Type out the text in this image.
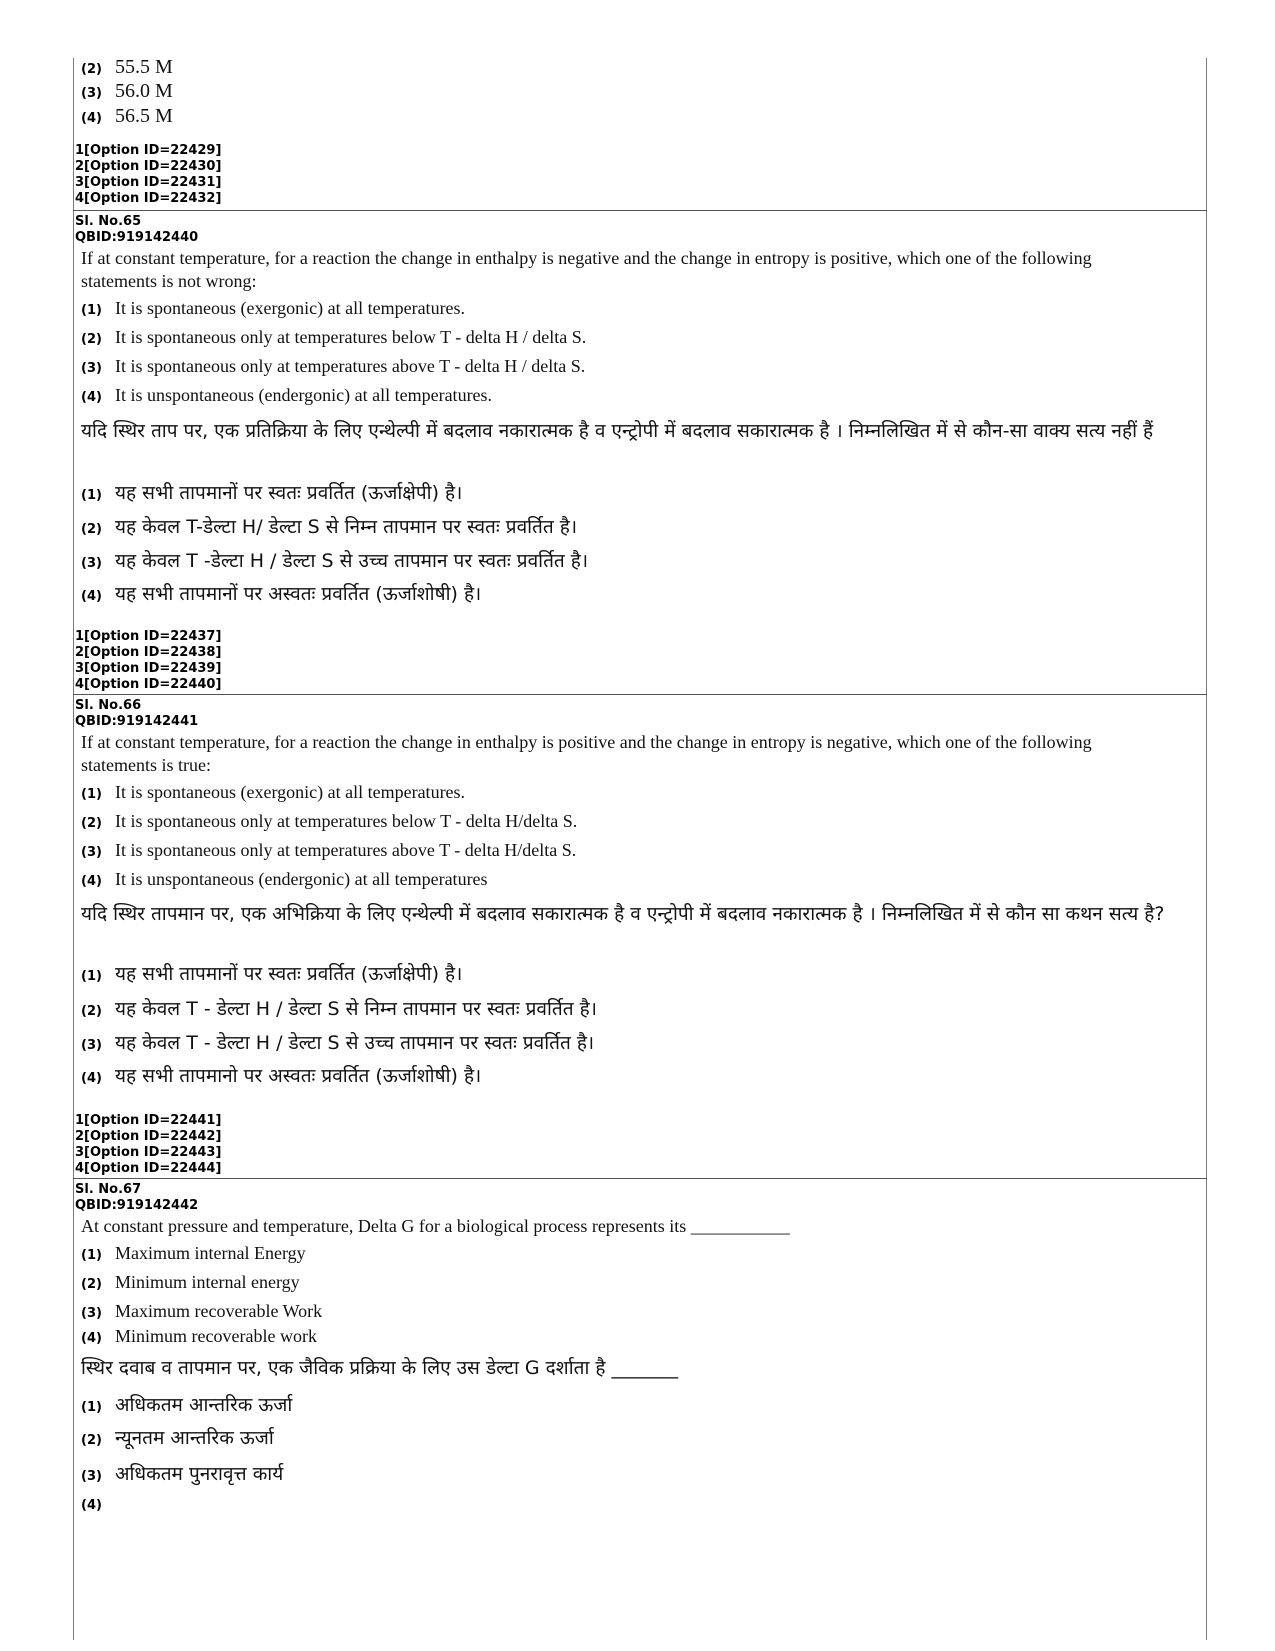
(2) 55.5 M
(3) 56.0 M
(4) 56.5 M
1[Option ID=22429]
2[Option ID=22430]
3[Option ID=22431]
4[Option ID=22432]
Sl. No.65
QBID:919142440
If at constant temperature, for a reaction the change in enthalpy is negative and the change in entropy is positive, which one of the following statements is not wrong:
(1) It is spontaneous (exergonic) at all temperatures.
(2) It is spontaneous only at temperatures below T - delta H / delta S.
(3) It is spontaneous only at temperatures above T - delta H / delta S.
(4) It is unspontaneous (endergonic) at all temperatures.
यदि स्थिर ताप पर, एक प्रतिक्रिया के लिए एन्थेल्पी में बदलाव नकारात्मक है व एन्ट्रोपी में बदलाव सकारात्मक है । निम्नलिखित में से कौन-सा वाक्य सत्य नहीं हैं
(1) यह सभी तापमानों पर स्वतः प्रवर्तित (ऊर्जाक्षेपी) है।
(2) यह केवल T-डेल्टा H/ डेल्टा S से निम्न तापमान पर स्वतः प्रवर्तित है।
(3) यह केवल T -डेल्टा H / डेल्टा S से उच्च तापमान पर स्वतः प्रवर्तित है।
(4) यह सभी तापमानों पर अस्वतः प्रवर्तित (ऊर्जाशोषी) है।
1[Option ID=22437]
2[Option ID=22438]
3[Option ID=22439]
4[Option ID=22440]
Sl. No.66
QBID:919142441
If at constant temperature, for a reaction the change in enthalpy is positive and the change in entropy is negative, which one of the following statements is true:
(1) It is spontaneous (exergonic) at all temperatures.
(2) It is spontaneous only at temperatures below T - delta H/delta S.
(3) It is spontaneous only at temperatures above T - delta H/delta S.
(4) It is unspontaneous (endergonic) at all temperatures
यदि स्थिर तापमान पर, एक अभिक्रिया के लिए एन्थेल्पी में बदलाव सकारात्मक है व एन्ट्रोपी में बदलाव नकारात्मक है । निम्नलिखित में से कौन सा कथन सत्य है?
(1) यह सभी तापमानों पर स्वतः प्रवर्तित (ऊर्जाक्षेपी) है।
(2) यह केवल T - डेल्टा H / डेल्टा S से निम्न तापमान पर स्वतः प्रवर्तित है।
(3) यह केवल T - डेल्टा H / डेल्टा S से उच्च तापमान पर स्वतः प्रवर्तित है।
(4) यह सभी तापमानो पर अस्वतः प्रवर्तित (ऊर्जाशोषी) है।
1[Option ID=22441]
2[Option ID=22442]
3[Option ID=22443]
4[Option ID=22444]
Sl. No.67
QBID:919142442
At constant pressure and temperature, Delta G for a biological process represents its ___________
(1) Maximum internal Energy
(2) Minimum internal energy
(3) Maximum recoverable Work
(4) Minimum recoverable work
स्थिर दवाब व तापमान पर, एक जैविक प्रक्रिया के लिए उस डेल्टा G दर्शाता है _______
(1) अधिकतम आन्तरिक ऊर्जा
(2) न्यूनतम आन्तरिक ऊर्जा
(3) अधिकतम पुनरावृत्त कार्य
(4)
